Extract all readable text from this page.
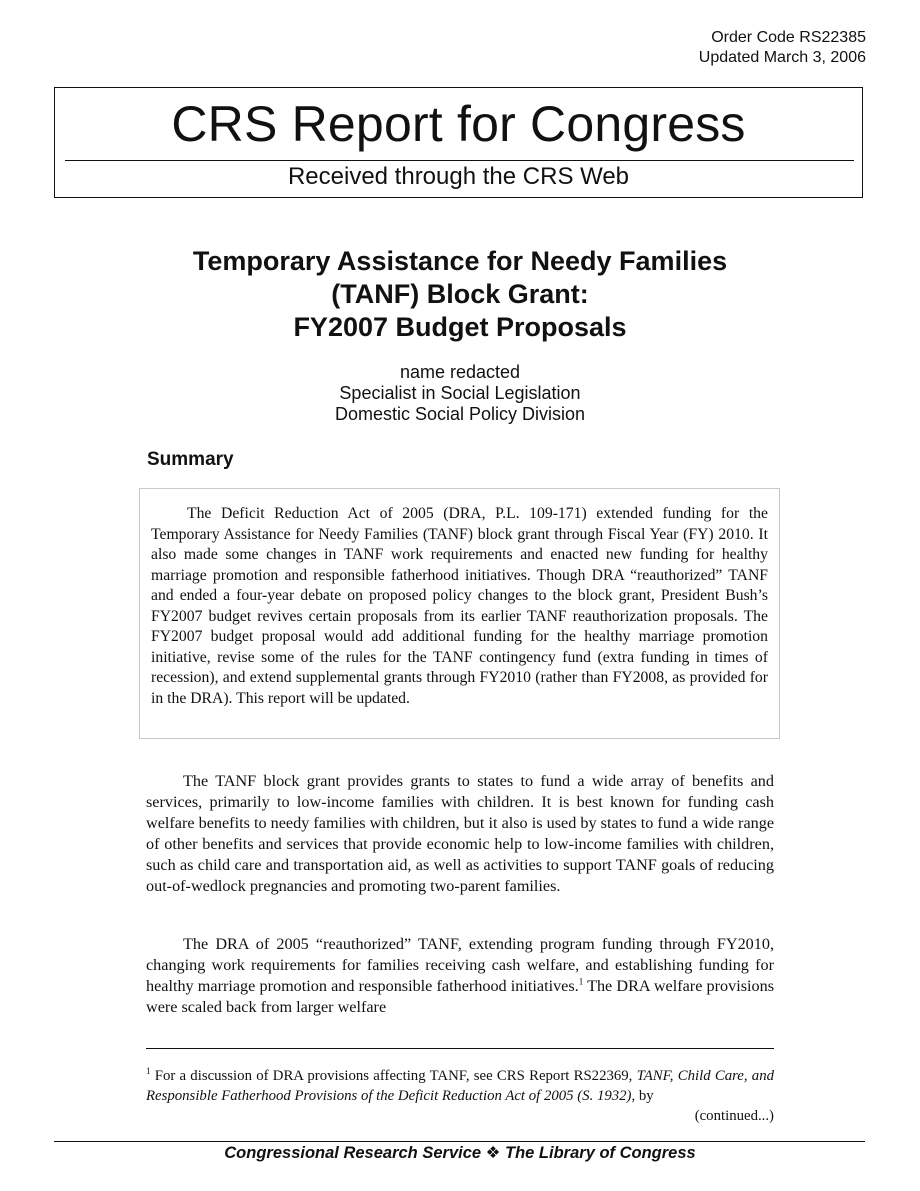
Order Code RS22385
Updated March 3, 2006
CRS Report for Congress
Received through the CRS Web
Temporary Assistance for Needy Families
(TANF) Block Grant:
FY2007 Budget Proposals
name redacted
Specialist in Social Legislation
Domestic Social Policy Division
Summary

The Deficit Reduction Act of 2005 (DRA, P.L. 109-171) extended funding for the Temporary Assistance for Needy Families (TANF) block grant through Fiscal Year (FY) 2010. It also made some changes in TANF work requirements and enacted new funding for healthy marriage promotion and responsible fatherhood initiatives. Though DRA “reauthorized” TANF and ended a four-year debate on proposed policy changes to the block grant, President Bush’s FY2007 budget revives certain proposals from its earlier TANF reauthorization proposals. The FY2007 budget proposal would add additional funding for the healthy marriage promotion initiative, revise some of the rules for the TANF contingency fund (extra funding in times of recession), and extend supplemental grants through FY2010 (rather than FY2008, as provided for in the DRA). This report will be updated.

The TANF block grant provides grants to states to fund a wide array of benefits and services, primarily to low-income families with children. It is best known for funding cash welfare benefits to needy families with children, but it also is used by states to fund a wide range of other benefits and services that provide economic help to low-income families with children, such as child care and transportation aid, as well as activities to support TANF goals of reducing out-of-wedlock pregnancies and promoting two-parent families.

The DRA of 2005 “reauthorized” TANF, extending program funding through FY2010, changing work requirements for families receiving cash welfare, and establishing funding for healthy marriage promotion and responsible fatherhood initiatives.$^1$ The DRA welfare provisions were scaled back from larger welfare

$^1$ For a discussion of DRA provisions affecting TANF, see CRS Report RS22369, TANF, Child Care, and Responsible Fatherhood Provisions of the Deficit Reduction Act of 2005 (S. 1932), by

(continued...)
Congressional Research Service ❖ The Library of Congress
